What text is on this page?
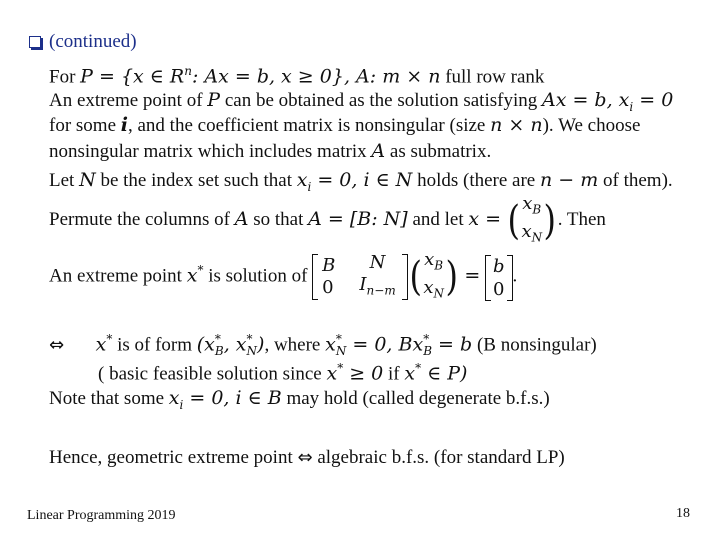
(continued)
For P = {x ∈ $R^n$: Ax = b, x ≥ 0}, A: m × n full row rank
An extreme point of P can be obtained as the solution satisfying Ax = b, $x_i = 0$
for some i, and the coefficient matrix is nonsingular (size n × n). We choose
nonsingular matrix which includes matrix A as submatrix.
Let N be the index set such that $x_i = 0$, i ∈ N holds (there are n − m of them).
Permute the columns of A so that A = [B: N] and let x = ( $x_B$
$x_N$). Then
An extreme point x* is solution of B
0N
$I_{n-m}$ ( $x_B$
$x_N) = b$
0.
⇔ x* is of form ($x^*_B$, $x^*_N$), where $x^*_N = 0$, $Bx^*_B = b$ (B nonsingular)
( basic feasible solution since x* ≥ 0 if x* ∈ P)
Note that some $x_i = 0$, i ∈ B may hold (called degenerate b.f.s.)
Hence, geometric extreme point ⇔ algebraic b.f.s. (for standard LP)
Linear Programming 2019	18
